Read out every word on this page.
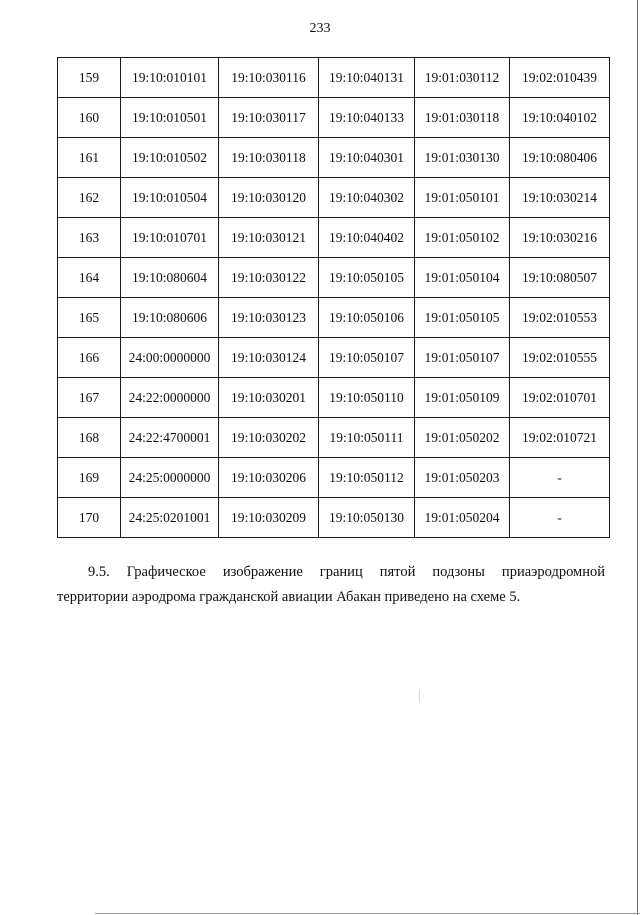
233
159	19:10:010101	19:10:030116	19:10:040131	19:01:030112	19:02:010439
160	19:10:010501	19:10:030117	19:10:040133	19:01:030118	19:10:040102
161	19:10:010502	19:10:030118	19:10:040301	19:01:030130	19:10:080406
162	19:10:010504	19:10:030120	19:10:040302	19:01:050101	19:10:030214
163	19:10:010701	19:10:030121	19:10:040402	19:01:050102	19:10:030216
164	19:10:080604	19:10:030122	19:10:050105	19:01:050104	19:10:080507
165	19:10:080606	19:10:030123	19:10:050106	19:01:050105	19:02:010553
166	24:00:0000000	19:10:030124	19:10:050107	19:01:050107	19:02:010555
167	24:22:0000000	19:10:030201	19:10:050110	19:01:050109	19:02:010701
168	24:22:4700001	19:10:030202	19:10:050111	19:01:050202	19:02:010721
169	24:25:0000000	19:10:030206	19:10:050112	19:01:050203	-
170	24:25:0201001	19:10:030209	19:10:050130	19:01:050204	-
9.5. Графическое изображение границ пятой подзоны приаэродромной
территории аэродрома гражданской авиации Абакан приведено на схеме 5.
